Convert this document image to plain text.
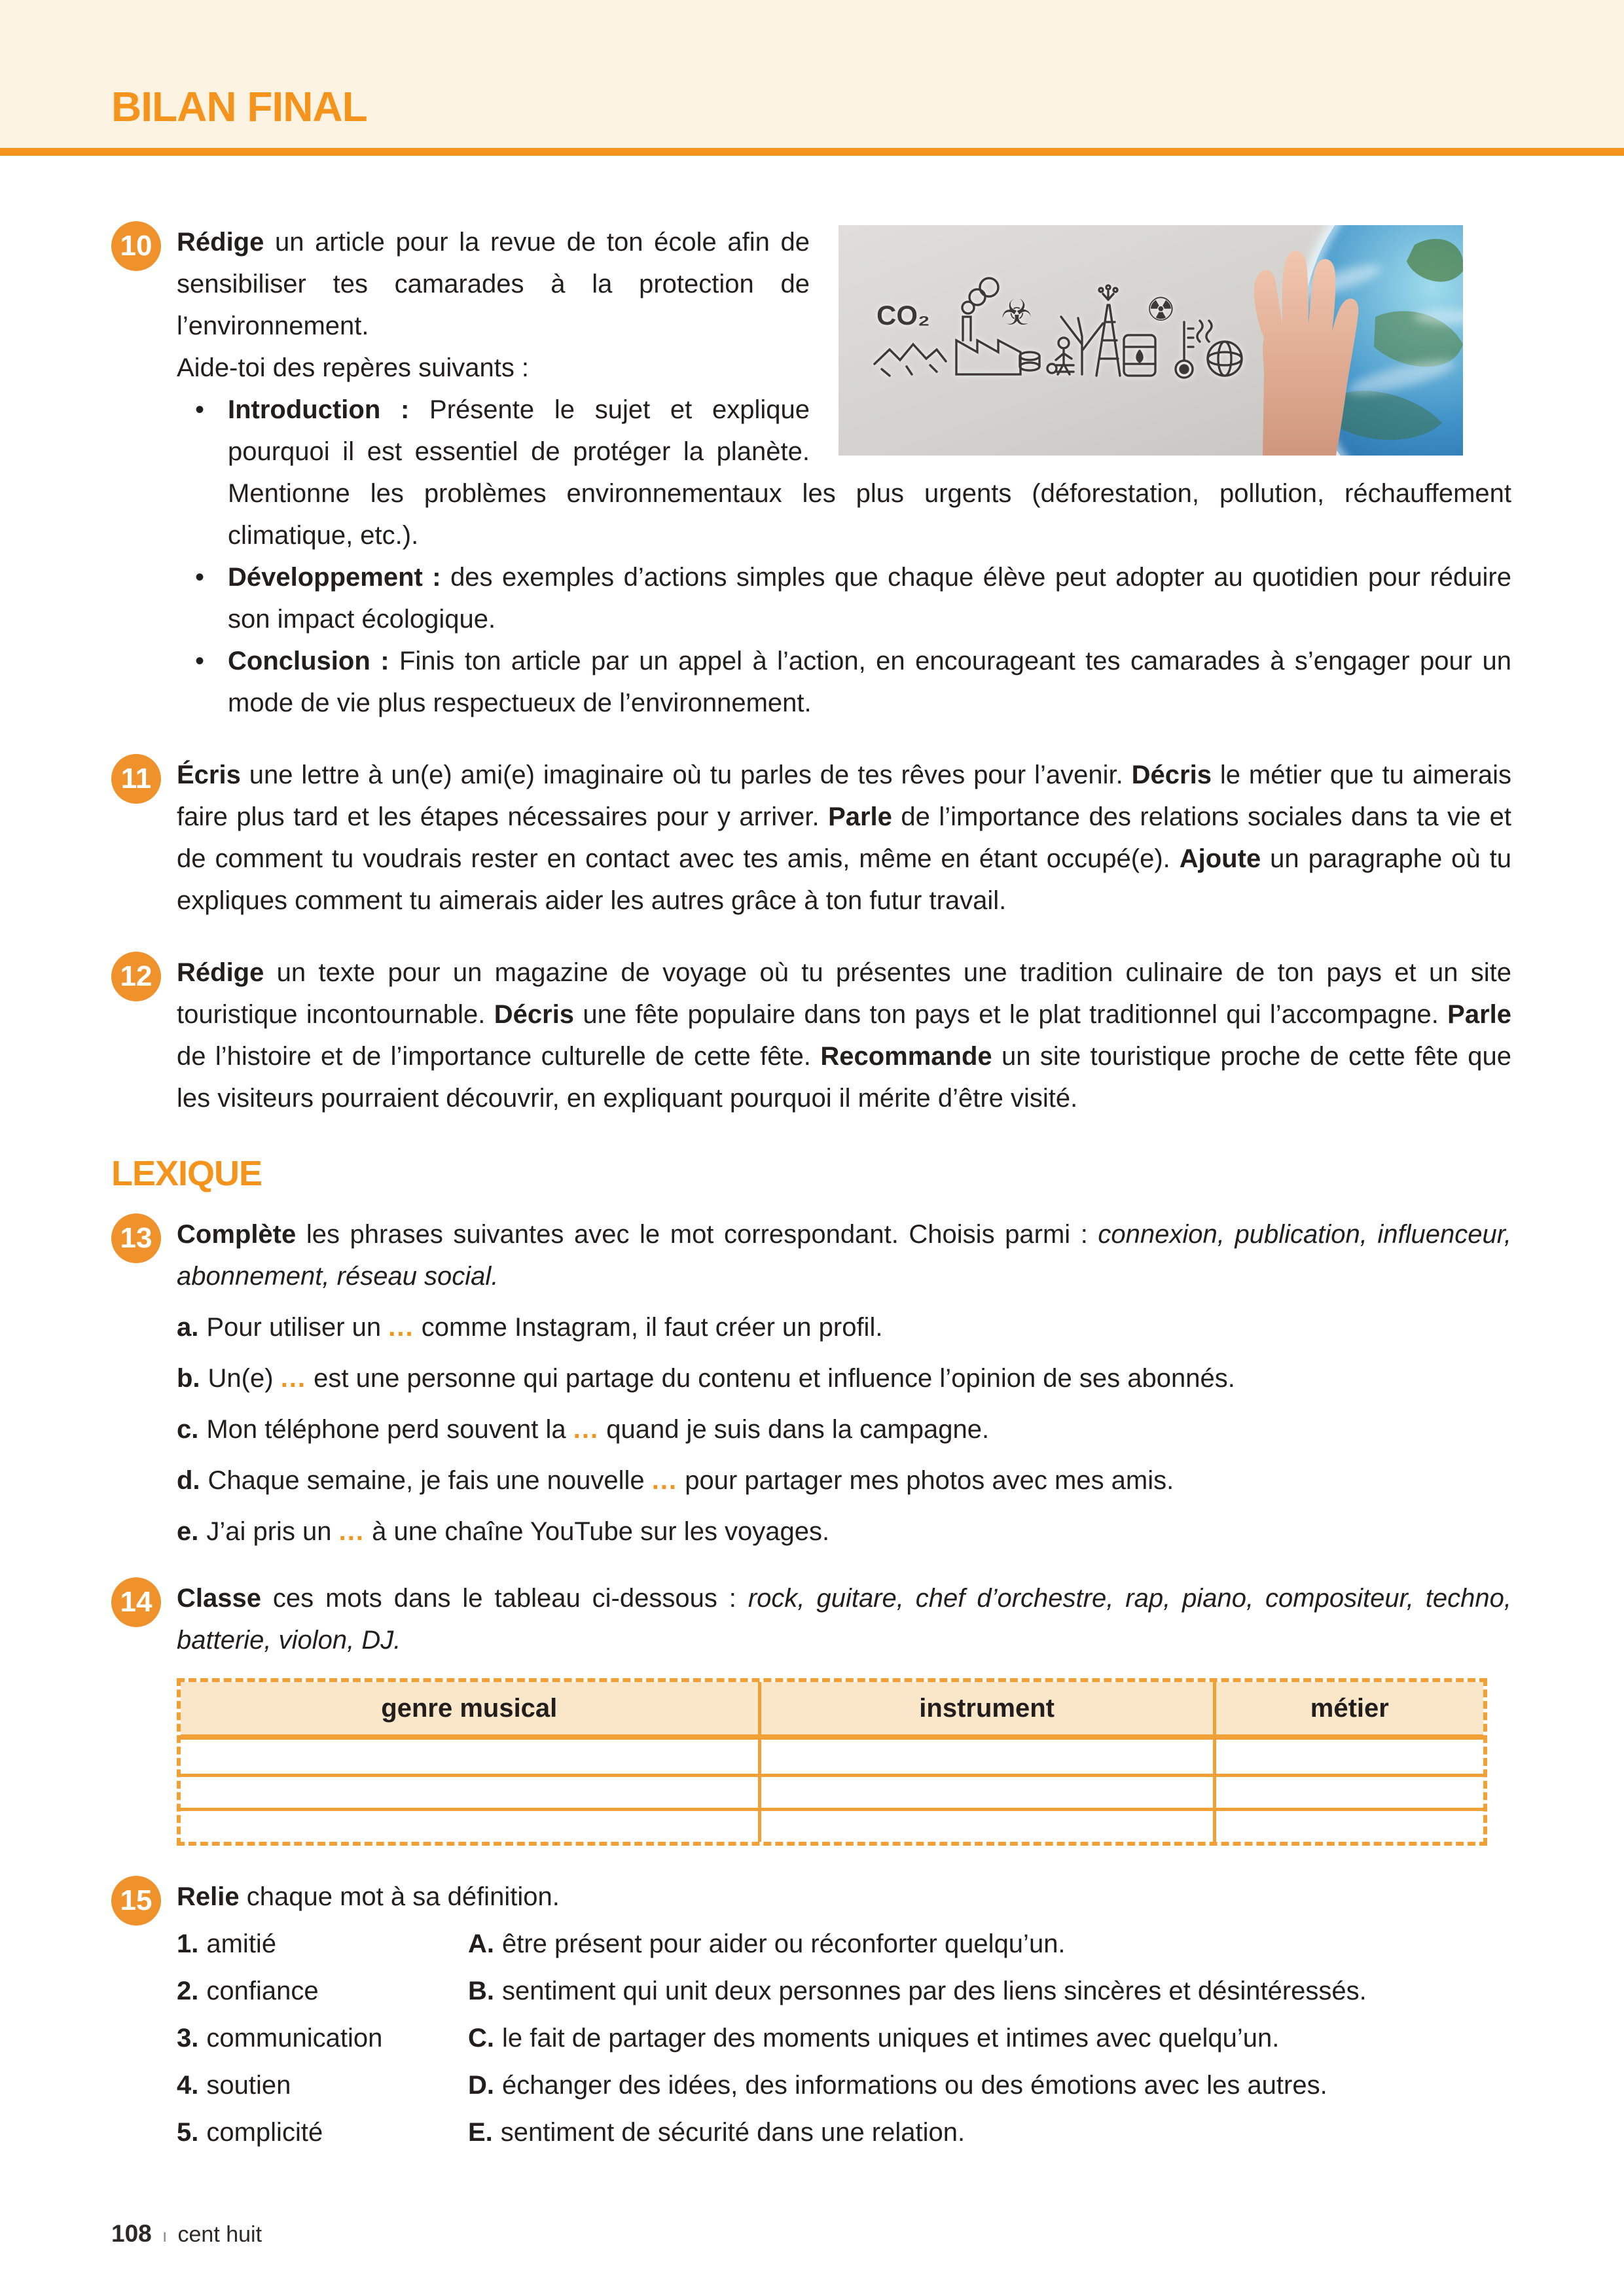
BILAN FINAL
10
CO₂ ☣	☢

Rédige un article pour la revue de ton école afin de sensibiliser tes camarades à la protection de l’environnement.

Aide-toi des repères suivants :
• Introduction : Présente le sujet et explique pourquoi il est essentiel de protéger la planète. Mentionne les problèmes environnementaux les plus urgents (déforestation, pollution, réchauffement climatique, etc.).
• Développement : des exemples d’actions simples que chaque élève peut adopter au quotidien pour réduire son impact écologique.
• Conclusion : Finis ton article par un appel à l’action, en encourageant tes camarades à s’engager pour un mode de vie plus respectueux de l’environnement.
11 Écris une lettre à un(e) ami(e) imaginaire où tu parles de tes rêves pour l’avenir. Décris le métier que tu aimerais faire plus tard et les étapes nécessaires pour y arriver. Parle de l’importance des relations sociales dans ta vie et de comment tu voudrais rester en contact avec tes amis, même en étant occupé(e). Ajoute un paragraphe où tu expliques comment tu aimerais aider les autres grâce à ton futur travail.

12 Rédige un texte pour un magazine de voyage où tu présentes une tradition culinaire de ton pays et un site touristique incontournable. Décris une fête populaire dans ton pays et le plat traditionnel qui l’accompagne. Parle de l’histoire et de l’importance culturelle de cette fête. Recommande un site touristique proche de cette fête que les visiteurs pourraient découvrir, en expliquant pourquoi il mérite d’être visité.

LEXIQUE
13 Complète les phrases suivantes avec le mot correspondant. Choisis parmi : connexion, publication, influenceur, abonnement, réseau social.

a. Pour utiliser un ... comme Instagram, il faut créer un profil.
b. Un(e) ... est une personne qui partage du contenu et influence l’opinion de ses abonnés.
c. Mon téléphone perd souvent la ... quand je suis dans la campagne.
d. Chaque semaine, je fais une nouvelle ... pour partager mes photos avec mes amis.
e. J’ai pris un ... à une chaîne YouTube sur les voyages.
14 Classe ces mots dans le tableau ci-dessous : rock, guitare, chef d’orchestre, rap, piano, compositeur, techno, batterie, violon, DJ.

genre musical	instrument	métier

15 Relie chaque mot à sa définition.

1. amitié	A. être présent pour aider ou réconforter quelqu’un.
2. confiance	B. sentiment qui unit deux personnes par des liens sincères et désintéressés.
3. communication	C. le fait de partager des moments uniques et intimes avec quelqu’un.
4. soutien	D. échanger des idées, des informations ou des émotions avec les autres.
5. complicité	E. sentiment de sécurité dans une relation.
108 ı cent huit
